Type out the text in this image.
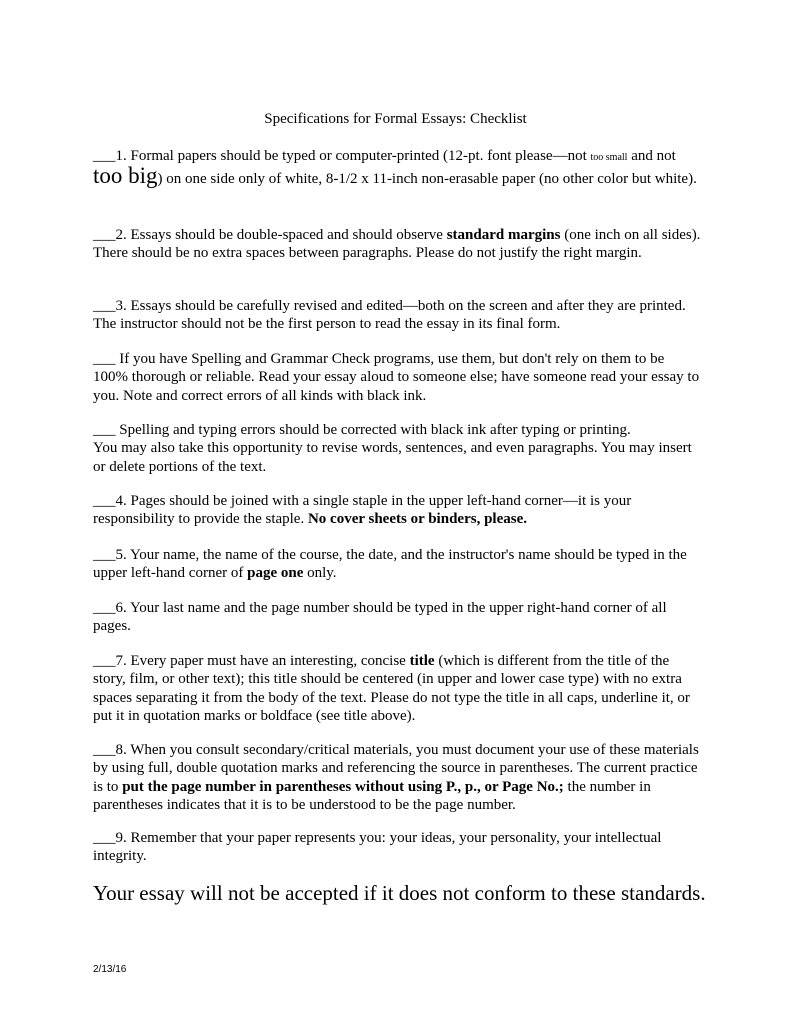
Specifications for Formal Essays: Checklist
___1. Formal papers should be typed or computer-printed (12-pt. font please—not too small and not too big) on one side only of white, 8-1/2 x 11-inch non-erasable paper (no other color but white).
___2. Essays should be double-spaced and should observe standard margins (one inch on all sides). There should be no extra spaces between paragraphs. Please do not justify the right margin.
___3. Essays should be carefully revised and edited—both on the screen and after they are printed. The instructor should not be the first person to read the essay in its final form.
___ If you have Spelling and Grammar Check programs, use them, but don't rely on them to be 100% thorough or reliable. Read your essay aloud to someone else; have someone read your essay to you. Note and correct errors of all kinds with black ink.
___ Spelling and typing errors should be corrected with black ink after typing or printing.
You may also take this opportunity to revise words, sentences, and even paragraphs. You may insert or delete portions of the text.
___4. Pages should be joined with a single staple in the upper left-hand corner—it is your responsibility to provide the staple. No cover sheets or binders, please.
___5. Your name, the name of the course, the date, and the instructor's name should be typed in the upper left-hand corner of page one only.
___6. Your last name and the page number should be typed in the upper right-hand corner of all pages.
___7. Every paper must have an interesting, concise title (which is different from the title of the story, film, or other text); this title should be centered (in upper and lower case type) with no extra spaces separating it from the body of the text. Please do not type the title in all caps, underline it, or put it in quotation marks or boldface (see title above).
___8. When you consult secondary/critical materials, you must document your use of these materials by using full, double quotation marks and referencing the source in parentheses. The current practice is to put the page number in parentheses without using P., p., or Page No.; the number in parentheses indicates that it is to be understood to be the page number.
___9. Remember that your paper represents you: your ideas, your personality, your intellectual integrity.
Your essay will not be accepted if it does not conform to these standards.
2/13/16
